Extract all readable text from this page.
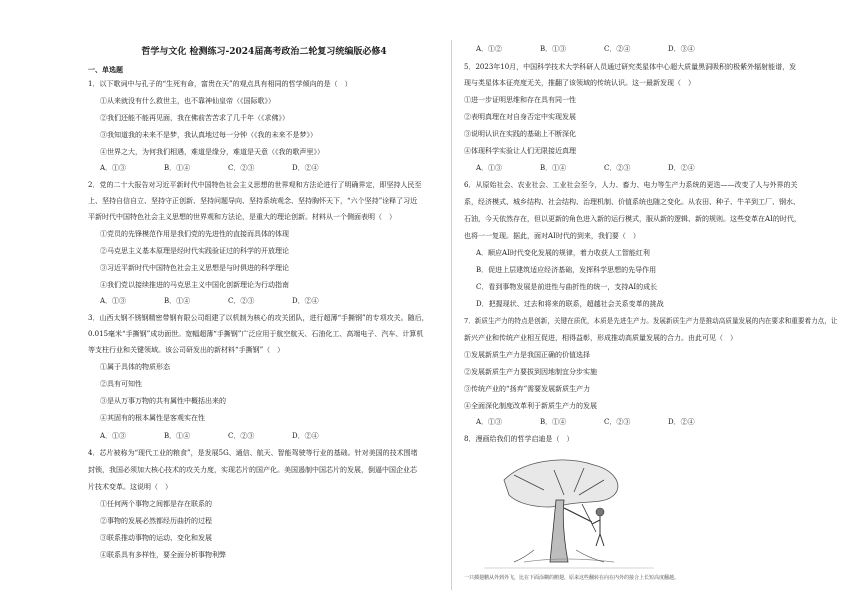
哲学与文化 检测练习-2024届高考政治二轮复习统编版必修4
一、单选题
1．以下歌词中与孔子的“生死有命，富贵在天”的观点具有相同的哲学倾向的是（　）
①从来就没有什么救世主，也不靠神仙皇帝（《国际歌》）
②我们还能不能再见面，我在佛前苦苦求了几千年（《求佛》）
③我知道我的未来不是梦，我认真地过每一分钟（《我的未来不是梦》）
④世界之大，为何我们相遇，难道是缘分，难道是天意（《我的歌声里》）
A．①③	B．①④	C．②③	D．②④
2．党的二十大报告对习近平新时代中国特色社会主义思想的世界观和方法论进行了明确界定，即坚持人民至
上、坚持自信自立、坚持守正创新、坚持问题导向、坚持系统观念、坚持胸怀天下，“六个坚持”诠释了习近
平新时代中国特色社会主义思想的世界观和方法论，是重大的理论创新。材料从一个侧面表明（　）
①党员的先锋模范作用是我们党的先进性的直接而具体的体现
②马克思主义基本原理是经时代实践验证过的科学的开放理论
③习近平新时代中国特色社会主义思想是与时俱进的科学理论
④我们党以接续推进的马克思主义中国化创新理论为行动指南
A．①③	B．①④	C．②③	D．②④
3．山西太钢不锈钢精密带钢有限公司组建了以机制为核心的攻关团队，进行超薄“手撕钢”的专项攻关。随后，
0.015毫米“手撕钢”成功面世。宽幅超薄“手撕钢”广泛应用于航空航天、石油化工、高端电子、汽车、计算机
等支柱行业和关键领域。该公司研发出的新材料“手撕钢”（　）
①属于具体的物质形态
②具有可知性
③是从万事万物的共有属性中概括出来的
④其固有的根本属性是客观实在性
A．①③	B．①④	C．②③	D．②④
4．芯片被称为“现代工业的粮食”，是发展5G、通信、航天、智能驾驶等行业的基础。针对美国的技术围堵
封锁，我国必须加大核心技术的攻关力度，实现芯片的国产化。美国遏制中国芯片的发展，倒逼中国企业芯
片技术变革。这说明（　）
①任何两个事物之间都是存在联系的
②事物的发展必然都经历曲折的过程
③联系推动事物的运动、变化和发展
④联系具有多样性，要全面分析事物利弊
A．①②	B．①③	C．②④	D．③④
5．2023年10月，中国科学技术大学科研人员通过研究类星体中心超大质量黑洞吸积的极紫外辐射能谱，发
现与类星体本征亮度无关，推翻了该领域的传统认识。这一最新发现（　）
①进一步证明思维和存在具有同一性
②表明真理在对自身否定中实现发展
③说明认识在实践的基础上不断深化
④体现科学实验让人们无限接近真理
A．①③	B．①④	C．②③	D．②④
6．从原始社会、农业社会、工业社会至今，人力、畜力、电力等生产力系统的更迭——改变了人与外界的关
系，经济模式、城乡结构、社会结构、治理机制、价值系统也随之变化。从农田、种子、牛羊到工厂、钢水、
石油，今天依然存在，但以更新的角色进入新的运行模式，服从新的逻辑、新的规则。这些变革在AI的时代，
也将一一复现。据此，面对AI时代的到来，我们要（　）
A．顺应AI时代变化发展的规律，着力收获人工智能红利
B．促进上层建筑适应经济基础，发挥科学思想的先导作用
C．看到事物发展是前进性与曲折性的统一，支持AI的成长
D．把握现状、过去和将来的联系，超越社会关系变革的挑战
7．新质生产力的特点是创新，关键在质优，本质是先进生产力。发展新质生产力是推动高质量发展的内在要求和重要着力点，让
新兴产业和传统产业相互促进，相得益彰，形成推动高质量发展的合力。由此可见（　）
①发展新质生产力是我国正确的价值选择
②发展新质生产力要拔到因地制宜分步实施
③传统产业的“扬弃”需要发展新质生产力
④全面深化制度改革利于新质生产力的发展
A．①③	B．①④	C．②③	D．②④
8．漫画给我们的哲学启迪是（　）
一只插翅鹏从外到外飞，比在下面涂糊的鹅翅，原来这些翻转在向在内外的接合上长短高度翻越。
